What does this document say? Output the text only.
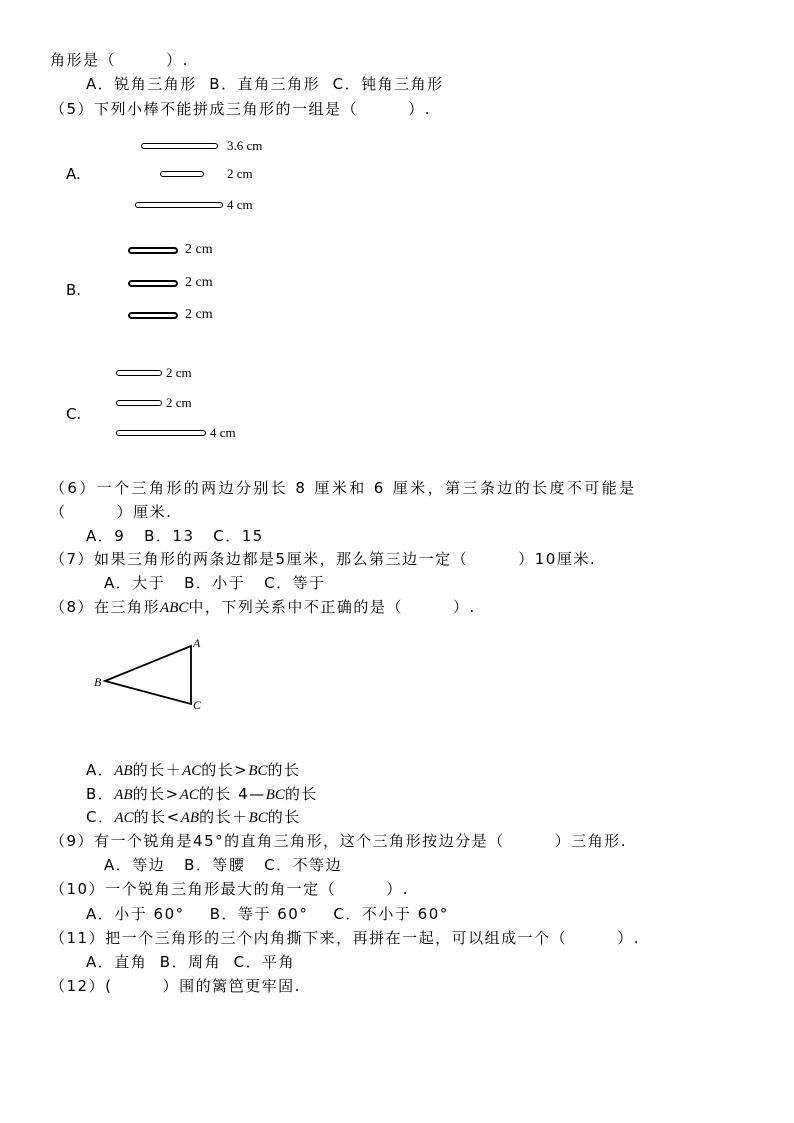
角形是（        ）.
A．锐角三角形  B．直角三角形  C．钝角三角形
（5）下列小棒不能拼成三角形的一组是（        ）.
A.
3.6 cm
2 cm
4 cm
B.
2 cm
2 cm
2 cm
C.
2 cm
2 cm
4 cm
（6）一个三角形的两边分别长 8 厘米和 6 厘米，第三条边的长度不可能是
（        ）厘米.
A．9   B．13   C．15
（7）如果三角形的两条边都是5厘米，那么第三边一定（        ）10厘米.
A．大于   B．小于   C．等于
（8）在三角形ABC中，下列关系中不正确的是（        ）.
A
B
C
A．AB的长＋AC的长>BC的长
B．AB的长>AC的长 4—BC的长
C．AC的长<AB的长＋BC的长
（9）有一个锐角是45°的直角三角形，这个三角形按边分是（        ）三角形.
A．等边   B．等腰   C．不等边
（10）一个锐角三角形最大的角一定（        ）.
A．小于 60°    B．等于 60°    C．不小于 60°
（11）把一个三角形的三个内角撕下来，再拼在一起，可以组成一个（        ）.
A．直角  B．周角  C．平角
（12）(        ）围的篱笆更牢固.
